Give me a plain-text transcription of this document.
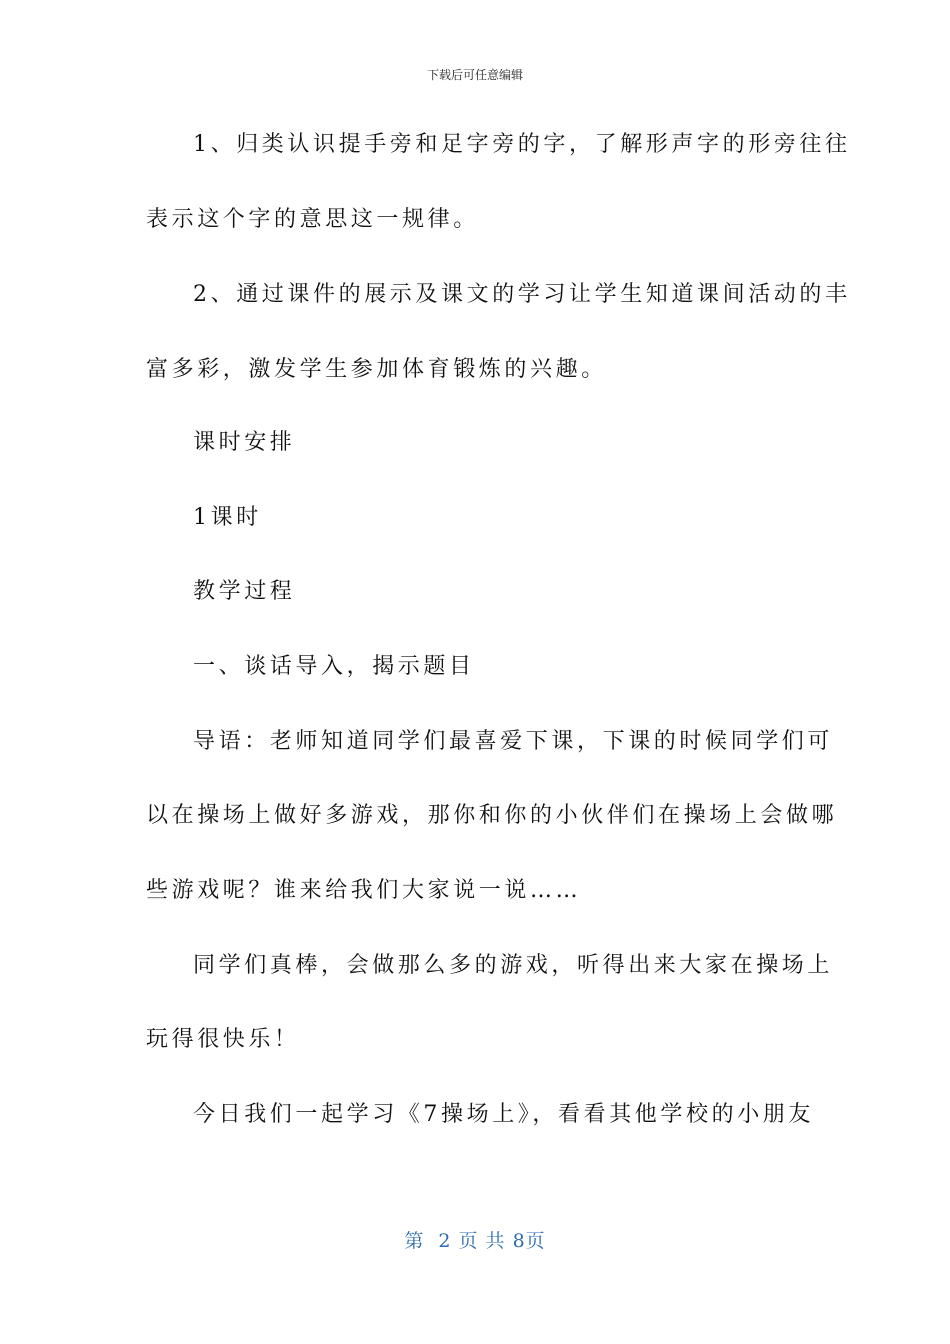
下载后可任意编辑
1、归类认识提手旁和足字旁的字，了解形声字的形旁往往
表示这个字的意思这一规律。
2、通过课件的展示及课文的学习让学生知道课间活动的丰
富多彩，激发学生参加体育锻炼的兴趣。
课时安排
1课时
教学过程
一、谈话导入，揭示题目
导语：老师知道同学们最喜爱下课，下课的时候同学们可
以在操场上做好多游戏，那你和你的小伙伴们在操场上会做哪
些游戏呢？谁来给我们大家说一说……
同学们真棒，会做那么多的游戏，听得出来大家在操场上
玩得很快乐！
今日我们一起学习《7操场上》，看看其他学校的小朋友
第  2 页 共 8页
